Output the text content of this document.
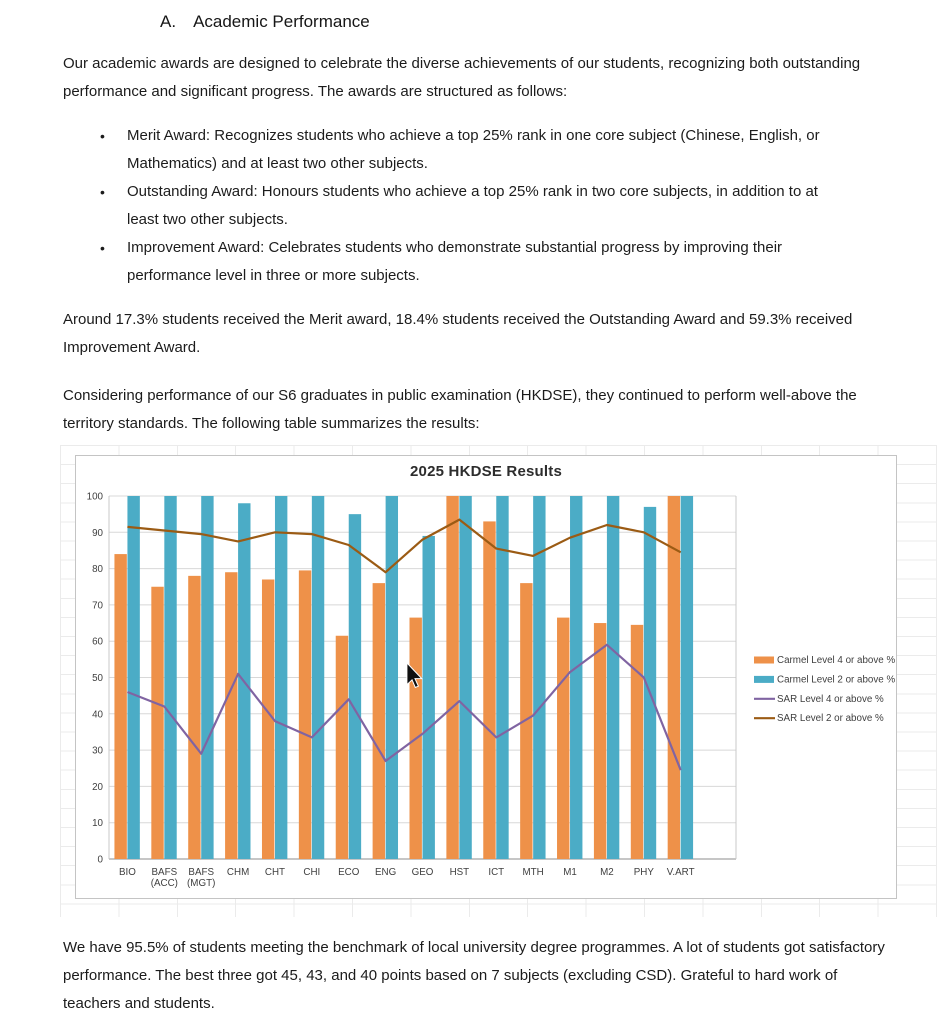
A. Academic Performance

Our academic awards are designed to celebrate the diverse achievements of our students, recognizing both outstanding performance and significant progress. The awards are structured as follows:

•	Merit Award: Recognizes students who achieve a top 25% rank in one core subject (Chinese, English, or Mathematics) and at least two other subjects.
•	Outstanding Award: Honours students who achieve a top 25% rank in two core subjects, in addition to at least two other subjects.
•	Improvement Award: Celebrates students who demonstrate substantial progress by improving their performance level in three or more subjects.

Around 17.3% students received the Merit award, 18.4% students received the Outstanding Award and 59.3% received Improvement Award.

Considering performance of our S6 graduates in public examination (HKDSE), they continued to perform well-above the territory standards. The following table summarizes the results:

2025 HKDSE Results
0
10
20
30
40
50
60
70
80
90
100
BIO BAFS
(ACC)
BAFS
(MGT)
CHM CHT CHI ECO ENG GEO HST ICT MTH M1 M2 PHY V.ART
Carmel Level 4 or above %
Carmel Level 2 or above %
SAR Level 4 or above %
SAR Level 2 or above %

We have 95.5% of students meeting the benchmark of local university degree programmes. A lot of students got satisfactory performance. The best three got 45, 43, and 40 points based on 7 subjects (excluding CSD). Grateful to hard work of teachers and students.
